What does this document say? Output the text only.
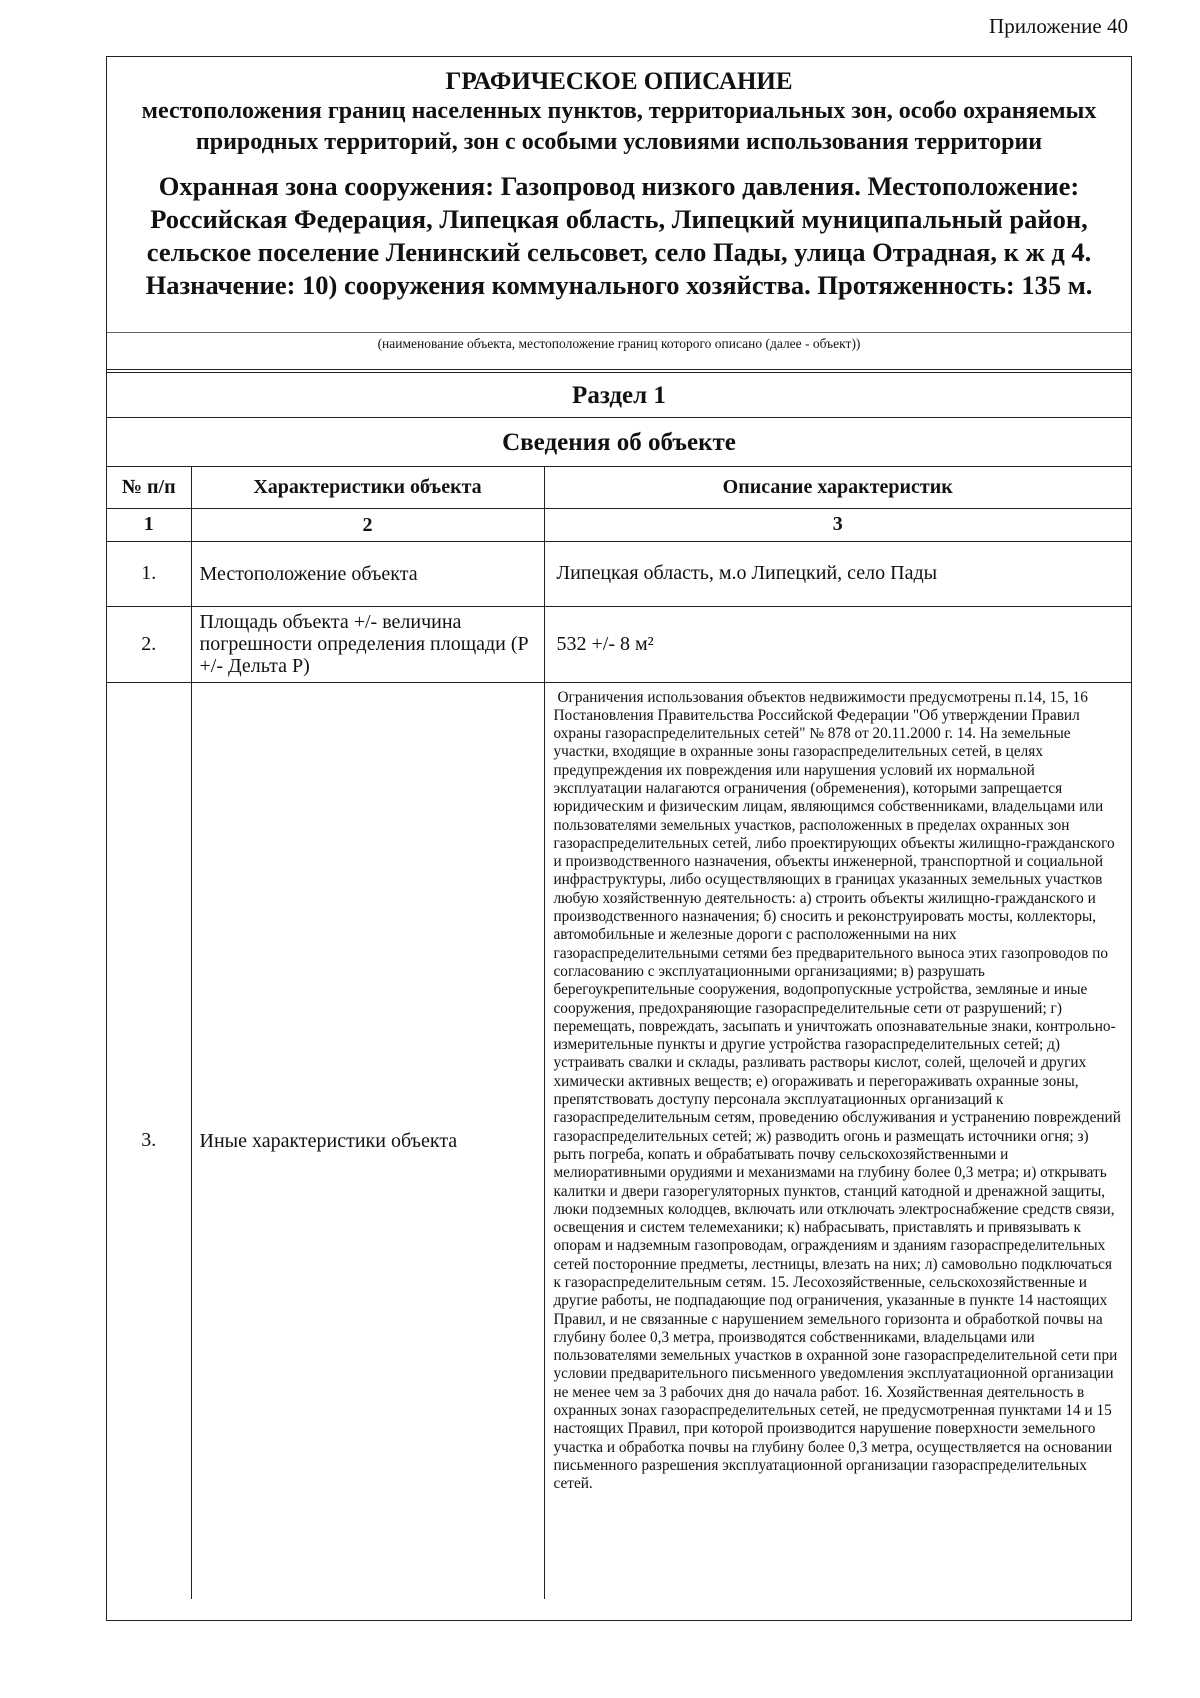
Приложение 40
ГРАФИЧЕСКОЕ ОПИСАНИЕ
местоположения границ населенных пунктов, территориальных зон, особо охраняемых природных территорий, зон с особыми условиями использования территории
Охранная зона сооружения: Газопровод низкого давления. Местоположение: Российская Федерация, Липецкая область, Липецкий муниципальный район, сельское поселение Ленинский сельсовет, село Пады, улица Отрадная, к ж д 4. Назначение: 10) сооружения коммунального хозяйства. Протяженность: 135 м.
(наименование объекта, местоположение границ которого описано (далее - объект))
Раздел 1
Сведения об объекте
№ п/п	Характеристики объекта	Описание характеристик
1	2	3
1.	Местоположение объекта	Липецкая область, м.о Липецкий, село Пады
2.	Площадь объекта +/- величина погрешности определения площади (Р +/- Дельта Р)	532 +/- 8 м²
3.	Иные характеристики объекта	Ограничения использования объектов недвижимости предусмотрены п.14, 15, 16 Постановления Правительства Российской Федерации "Об утверждении Правил охраны газораспределительных сетей" № 878 от 20.11.2000 г. 14. На земельные участки, входящие в охранные зоны газораспределительных сетей, в целях предупреждения их повреждения или нарушения условий их нормальной эксплуатации налагаются ограничения (обременения), которыми запрещается юридическим и физическим лицам, являющимся собственниками, владельцами или пользователями земельных участков, расположенных в пределах охранных зон газораспределительных сетей, либо проектирующих объекты жилищно-гражданского и производственного назначения, объекты инженерной, транспортной и социальной инфраструктуры, либо осуществляющих в границах указанных земельных участков любую хозяйственную деятельность: а) строить объекты жилищно-гражданского и производственного назначения; б) сносить и реконструировать мосты, коллекторы, автомобильные и железные дороги с расположенными на них газораспределительными сетями без предварительного выноса этих газопроводов по согласованию с эксплуатационными организациями; в) разрушать берегоукрепительные сооружения, водопропускные устройства, земляные и иные сооружения, предохраняющие газораспределительные сети от разрушений; г) перемещать, повреждать, засыпать и уничтожать опознавательные знаки, контрольно-измерительные пункты и другие устройства газораспределительных сетей; д) устраивать свалки и склады, разливать растворы кислот, солей, щелочей и других химически активных веществ; е) огораживать и перегораживать охранные зоны, препятствовать доступу персонала эксплуатационных организаций к газораспределительным сетям, проведению обслуживания и устранению повреждений газораспределительных сетей; ж) разводить огонь и размещать источники огня; з) рыть погреба, копать и обрабатывать почву сельскохозяйственными и мелиоративными орудиями и механизмами на глубину более 0,3 метра; и) открывать калитки и двери газорегуляторных пунктов, станций катодной и дренажной защиты, люки подземных колодцев, включать или отключать электроснабжение средств связи, освещения и систем телемеханики; к) набрасывать, приставлять и привязывать к опорам и надземным газопроводам, ограждениям и зданиям газораспределительных сетей посторонние предметы, лестницы, влезать на них; л) самовольно подключаться к газораспределительным сетям. 15. Лесохозяйственные, сельскохозяйственные и другие работы, не подпадающие под ограничения, указанные в пункте 14 настоящих Правил, и не связанные с нарушением земельного горизонта и обработкой почвы на глубину более 0,3 метра, производятся собственниками, владельцами или пользователями земельных участков в охранной зоне газораспределительной сети при условии предварительного письменного уведомления эксплуатационной организации не менее чем за 3 рабочих дня до начала работ. 16. Хозяйственная деятельность в охранных зонах газораспределительных сетей, не предусмотренная пунктами 14 и 15 настоящих Правил, при которой производится нарушение поверхности земельного участка и обработка почвы на глубину более 0,3 метра, осуществляется на основании письменного разрешения эксплуатационной организации газораспределительных сетей.
